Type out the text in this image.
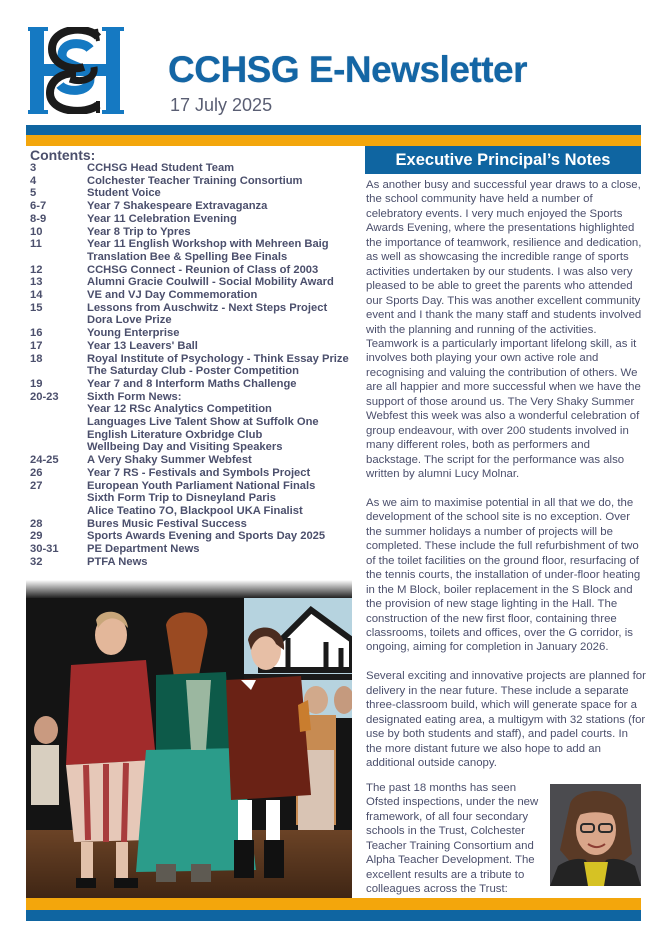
CCHSG E-Newsletter
17 July 2025
Executive Principal’s Notes
Contents:
3	CCHSG Head Student Team
4	Colchester Teacher Training Consortium
5	Student Voice
6-7	Year 7 Shakespeare Extravaganza
8-9	Year 11 Celebration Evening
10	Year 8 Trip to Ypres
11	Year 11 English Workshop with Mehreen Baig
Translation Bee & Spelling Bee Finals
12	CCHSG Connect - Reunion of Class of 2003
13	Alumni Gracie Coulwill - Social Mobility Award
14	VE and VJ Day Commemoration
15	Lessons from Auschwitz - Next Steps Project
Dora Love Prize
16	Young Enterprise
17	Year 13 Leavers' Ball
18	Royal Institute of Psychology - Think Essay Prize
The Saturday Club - Poster Competition
19	Year 7 and 8 Interform Maths Challenge
20-23	Sixth Form News:
Year 12 RSc Analytics Competition
Languages Live Talent Show at Suffolk One
English Literature Oxbridge Club
Wellbeing Day and Visiting Speakers
24-25	A Very Shaky Summer Webfest
26	Year 7 RS - Festivals and Symbols Project
27	European Youth Parliament National Finals
Sixth Form Trip to Disneyland Paris
Alice Teatino 7O, Blackpool UKA Finalist
28	Bures Music Festival Success
29	Sports Awards Evening and Sports Day 2025
30-31	PE Department News
32	PTFA News

As another busy and successful year draws to a close, the school community have held a number of celebratory events. I very much enjoyed the Sports Awards Evening, where the presentations highlighted the importance of teamwork, resilience and dedication, as well as showcasing the incredible range of sports activities undertaken by our students. I was also very pleased to be able to greet the parents who attended our Sports Day. This was another excellent community event and I thank the many staff and students involved with the planning and running of the activities. Teamwork is a particularly important lifelong skill, as it involves both playing your own active role and recognising and valuing the contribution of others. We are all happier and more successful when we have the support of those around us. The Very Shaky Summer Webfest this week was also a wonderful celebration of group endeavour, with over 200 students involved in many different roles, both as performers and backstage. The script for the performance was also written by alumni Lucy Molnar.

As we aim to maximise potential in all that we do, the development of the school site is no exception. Over the summer holidays a number of projects will be completed. These include the full refurbishment of two of the toilet facilities on the ground floor, resurfacing of the tennis courts, the installation of under-floor heating in the M Block, boiler replacement in the S Block and the provision of new stage lighting in the Hall. The construction of the new first floor, containing three classrooms, toilets and offices, over the G corridor, is ongoing, aiming for completion in January 2026.

Several exciting and innovative projects are planned for delivery in the near future. These include a separate three-classroom build, which will generate space for a designated eating area, a multigym with 32 stations (for use by both students and staff), and padel courts. In the more distant future we also hope to add an additional outside canopy.

The past 18 months has seen Ofsted inspections, under the new framework, of all four secondary schools in the Trust, Colchester Teacher Training Consortium and Alpha Teacher Development. The excellent results are a tribute to colleagues across the Trust:
